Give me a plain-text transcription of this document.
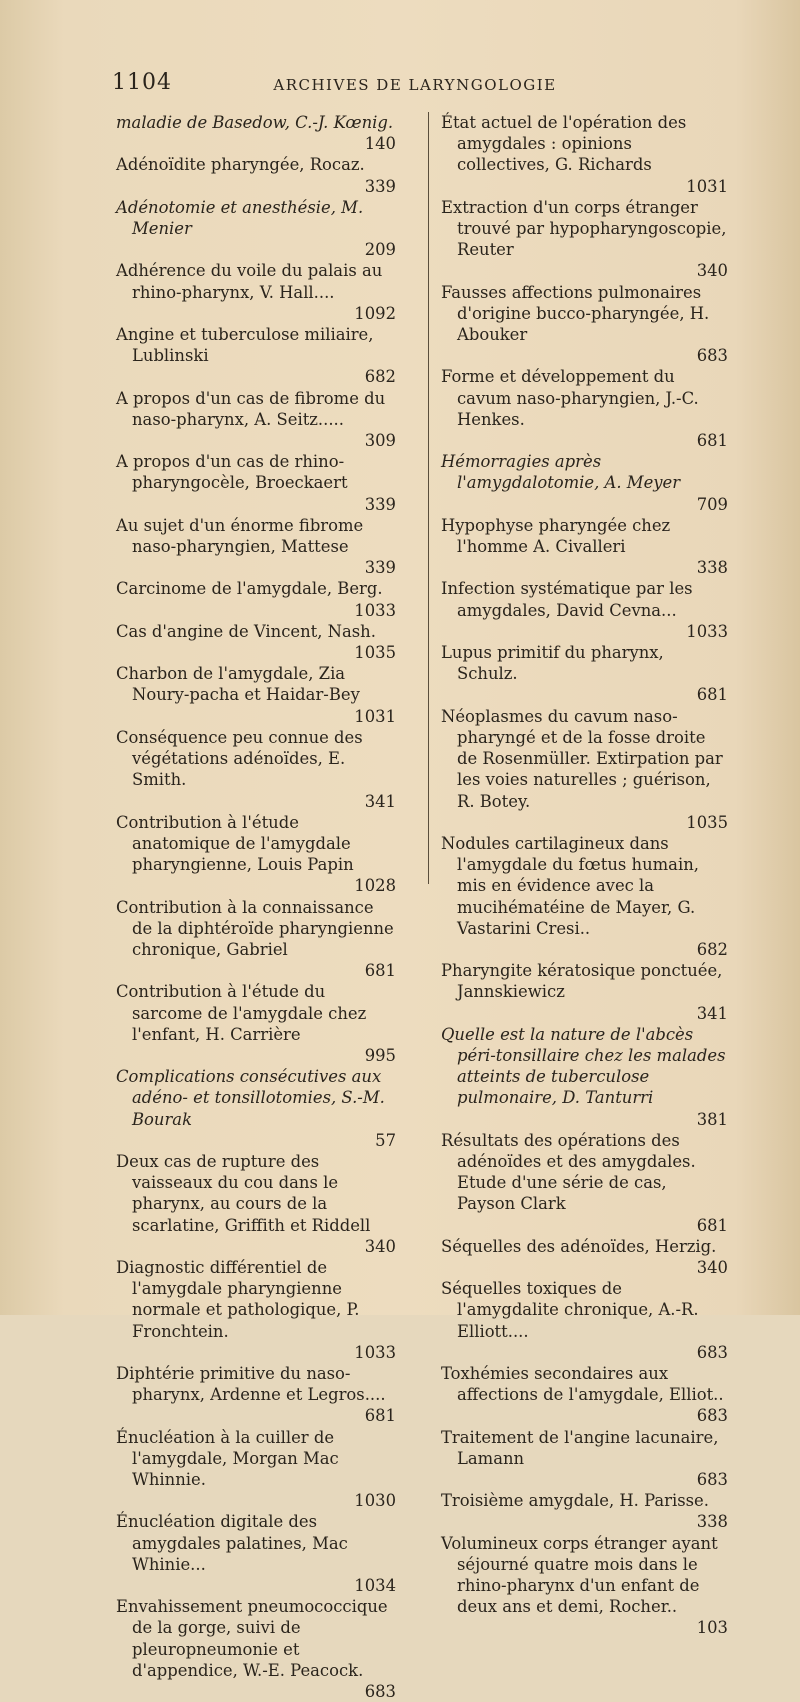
1104	ARCHIVES DE LARYNGOLOGIE

maladie de Basedow, C.-J. Kœnig.
140

Adénoïdite pharyngée, Rocaz.
339

Adénotomie et anesthésie, M. Menier
209

Adhérence du voile du palais au rhino-pharynx, V. Hall....
1092

Angine et tuberculose miliaire, Lublinski
682

A propos d'un cas de fibrome du naso-pharynx, A. Seitz.....
309

A propos d'un cas de rhino-pharyngocèle, Broeckaert
339

Au sujet d'un énorme fibrome naso-pharyngien, Mattese
339

Carcinome de l'amygdale, Berg.
1033

Cas d'angine de Vincent, Nash.
1035

Charbon de l'amygdale, Zia Noury-pacha et Haidar-Bey
1031

Conséquence peu connue des végétations adénoïdes, E. Smith.
341

Contribution à l'étude anatomique de l'amygdale pharyngienne, Louis Papin
1028

Contribution à la connaissance de la diphtéroïde pharyngienne chronique, Gabriel
681

Contribution à l'étude du sarcome de l'amygdale chez l'enfant, H. Carrière
995

Complications consécutives aux adéno- et tonsillotomies, S.-M. Bourak
57

Deux cas de rupture des vaisseaux du cou dans le pharynx, au cours de la scarlatine, Griffith et Riddell
340

Diagnostic différentiel de l'amygdale pharyngienne normale et pathologique, P. Fronchtein.
1033

Diphtérie primitive du naso-pharynx, Ardenne et Legros....
681

Énucléation à la cuiller de l'amygdale, Morgan Mac Whinnie.
1030

Énucléation digitale des amygdales palatines, Mac Whinie...
1034

Envahissement pneumococcique de la gorge, suivi de pleuropneumonie et d'appendice, W.-E. Peacock.
683

État actuel de l'opération des amygdales : opinions collectives, G. Richards
1031

Extraction d'un corps étranger trouvé par hypopharyngoscopie, Reuter
340

Fausses affections pulmonaires d'origine bucco-pharyngée, H. Abouker
683

Forme et développement du cavum naso-pharyngien, J.-C. Henkes.
681

Hémorragies après l'amygdalotomie, A. Meyer
709

Hypophyse pharyngée chez l'homme A. Civalleri
338

Infection systématique par les amygdales, David Cevna...
1033

Lupus primitif du pharynx, Schulz.
681

Néoplasmes du cavum naso-pharyngé et de la fosse droite de Rosenmüller. Extirpation par les voies naturelles ; guérison, R. Botey.
1035

Nodules cartilagineux dans l'amygdale du fœtus humain, mis en évidence avec la mucihématéine de Mayer, G. Vastarini Cresi..
682

Pharyngite kératosique ponctuée, Jannskiewicz
341

Quelle est la nature de l'abcès péri-tonsillaire chez les malades atteints de tuberculose pulmonaire, D. Tanturri
381

Résultats des opérations des adénoïdes et des amygdales. Etude d'une série de cas, Payson Clark
681

Séquelles des adénoïdes, Herzig.
340

Séquelles toxiques de l'amygdalite chronique, A.-R. Elliott....
683

Toxhémies secondaires aux affections de l'amygdale, Elliot..
683

Traitement de l'angine lacunaire, Lamann
683

Troisième amygdale, H. Parisse.
338

Volumineux corps étranger ayant séjourné quatre mois dans le rhino-pharynx d'un enfant de deux ans et demi, Rocher..
103
